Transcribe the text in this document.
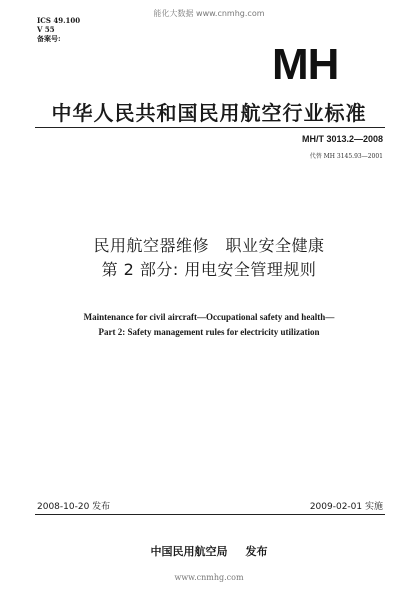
能化大数据 www.cnmhg.com
ICS 49.100
V 55
备案号:
MH
中华人民共和国民用航空行业标准
MH/T 3013.2—2008
代替 MH 3145.93—2001
民用航空器维修　职业安全健康
第 2 部分: 用电安全管理规则
Maintenance for civil aircraft—Occupational safety and health—
Part 2: Safety management rules for electricity utilization
2008-10-20 发布	2009-02-01 实施
中国民用航空局 发布
www.cnmhg.com
